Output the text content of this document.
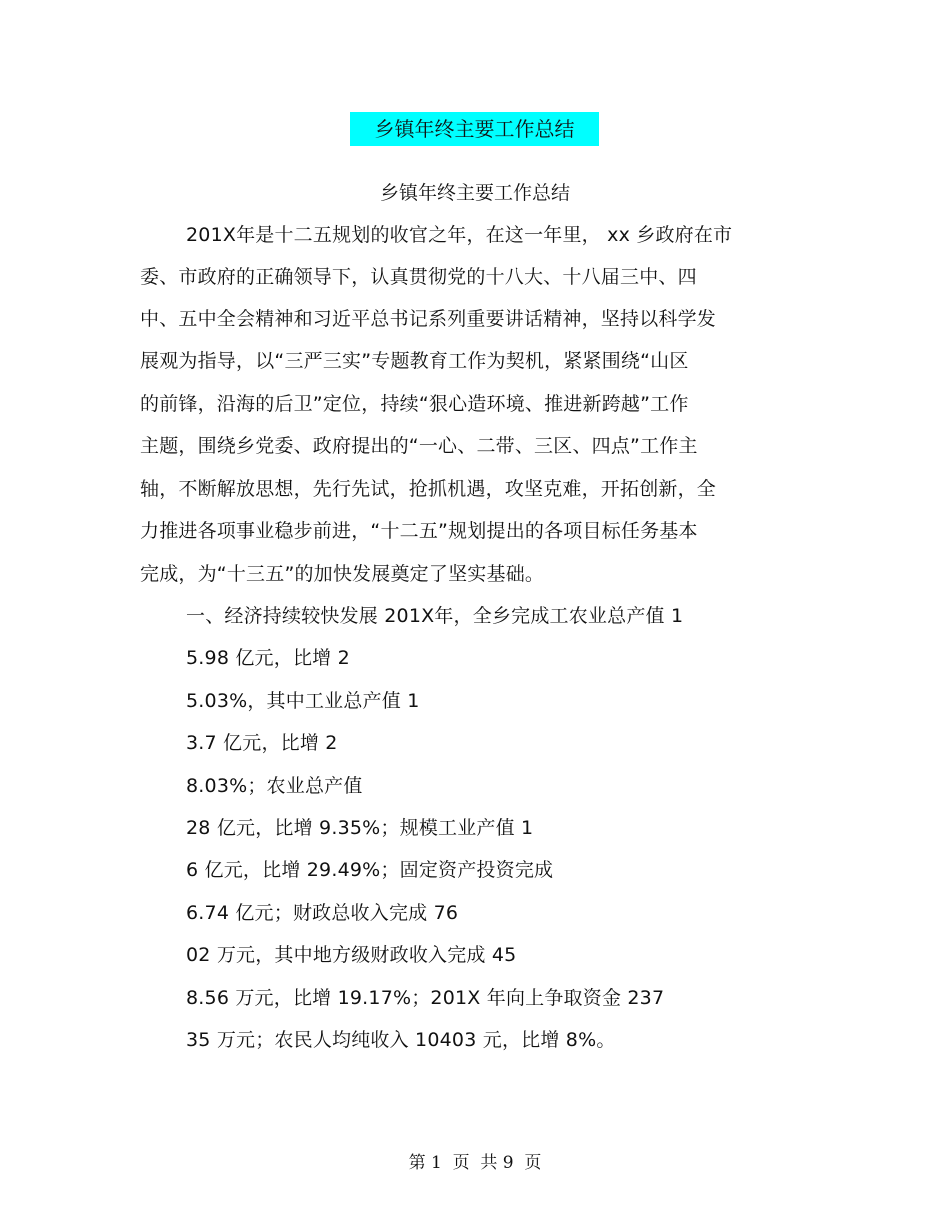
乡镇年终主要工作总结
乡镇年终主要工作总结
201X年是十二五规划的收官之年，在这一年里， xx 乡政府在市
委、市政府的正确领导下，认真贯彻党的十八大、十八届三中、四
中、五中全会精神和习近平总书记系列重要讲话精神，坚持以科学发
展观为指导，以“三严三实”专题教育工作为契机，紧紧围绕“山区
的前锋，沿海的后卫”定位，持续“狠心造环境、推进新跨越”工作
主题，围绕乡党委、政府提出的“一心、二带、三区、四点”工作主
轴，不断解放思想，先行先试，抢抓机遇，攻坚克难，开拓创新，全
力推进各项事业稳步前进，“十二五”规划提出的各项目标任务基本
完成，为“十三五”的加快发展奠定了坚实基础。
一、经济持续较快发展 201X年，全乡完成工农业总产值 1
5.98 亿元，比增 2
5.03%，其中工业总产值 1
3.7 亿元，比增 2
8.03%；农业总产值
28 亿元，比增 9.35%；规模工业产值 1
6 亿元，比增 29.49%；固定资产投资完成
6.74 亿元；财政总收入完成 76
02 万元，其中地方级财政收入完成 45
8.56 万元，比增 19.17%；201X 年向上争取资金 237
35 万元；农民人均纯收入 10403 元，比增 8%。
第 1  页  共 9  页
